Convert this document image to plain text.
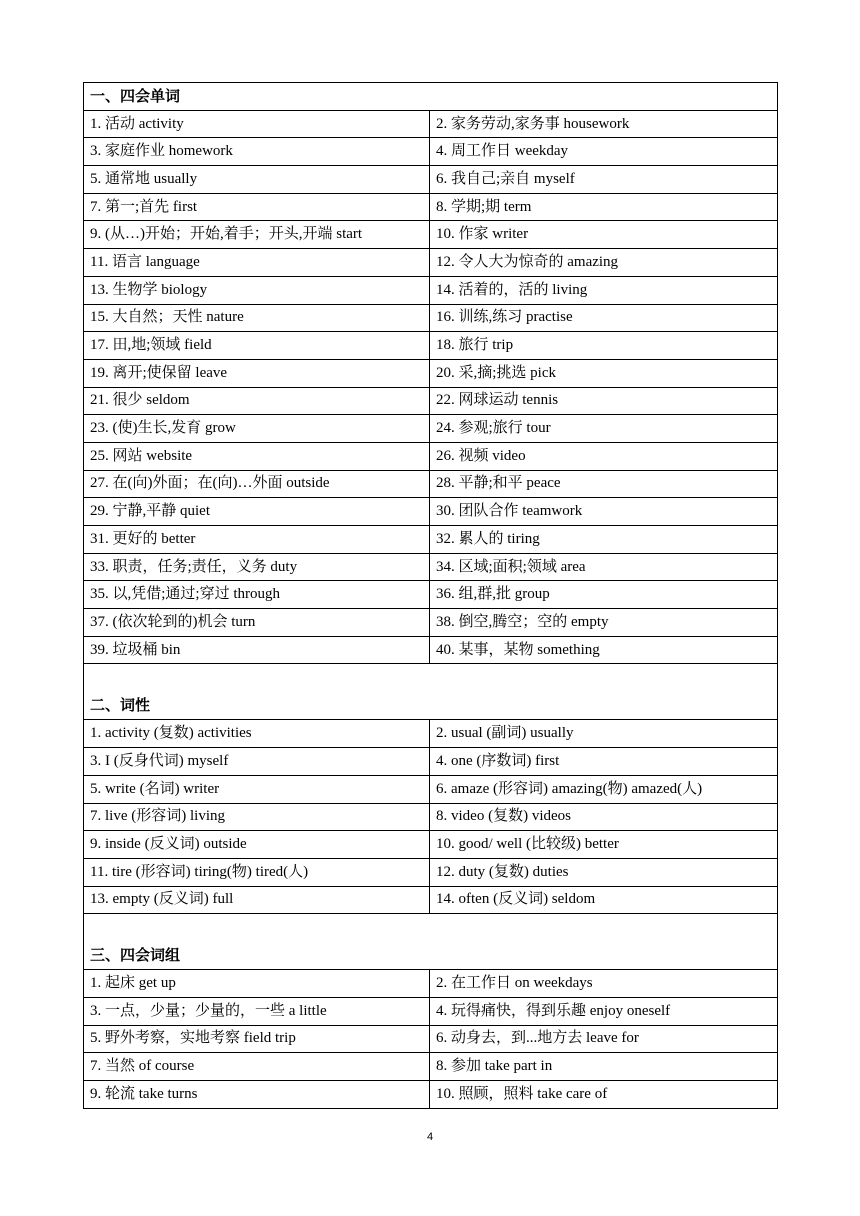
一、四会单词	
1. 活动 activity	2. 家务劳动,家务事 housework
3. 家庭作业 homework	4. 周工作日 weekday
5. 通常地 usually	6. 我自己;亲自 myself
7. 第一;首先 first	8. 学期;期 term
9. (从…)开始；开始,着手；开头,开端 start	10. 作家 writer
11. 语言 language	12. 令人大为惊奇的 amazing
13. 生物学 biology	14. 活着的，活的 living
15. 大自然；天性 nature	16. 训练,练习 practise
17. 田,地;领域 field	18. 旅行 trip
19. 离开;使保留 leave	20. 采,摘;挑选 pick
21. 很少 seldom	22. 网球运动 tennis
23. (使)生长,发育 grow	24. 参观;旅行 tour
25. 网站 website	26. 视频 video
27. 在(向)外面；在(向)…外面 outside	28. 平静;和平 peace
29. 宁静,平静 quiet	30. 团队合作 teamwork
31. 更好的 better	32. 累人的 tiring
33. 职责，任务;责任，义务 duty	34. 区域;面积;领域 area
35. 以,凭借;通过;穿过 through	36. 组,群,批 group
37. (依次轮到的)机会 turn	38. 倒空,腾空；空的 empty
39. 垃圾桶 bin	40. 某事，某物 something
二、词性	
1. activity (复数) activities	2. usual (副词) usually
3. I (反身代词) myself	4. one (序数词) first
5. write (名词) writer	6. amaze (形容词) amazing(物) amazed(人)
7. live (形容词) living	8. video (复数) videos
9. inside (反义词) outside	10. good/ well (比较级) better
11. tire (形容词) tiring(物) tired(人)	12. duty (复数) duties
13. empty (反义词) full	14. often (反义词) seldom
三、四会词组	
1. 起床 get up	2. 在工作日 on weekdays
3. 一点，少量；少量的，一些 a little	4. 玩得痛快，得到乐趣 enjoy oneself
5. 野外考察，实地考察 field trip	6. 动身去，到...地方去 leave for
7. 当然 of course	8. 参加 take part in
9. 轮流 take turns	10. 照顾，照料 take care of
4
